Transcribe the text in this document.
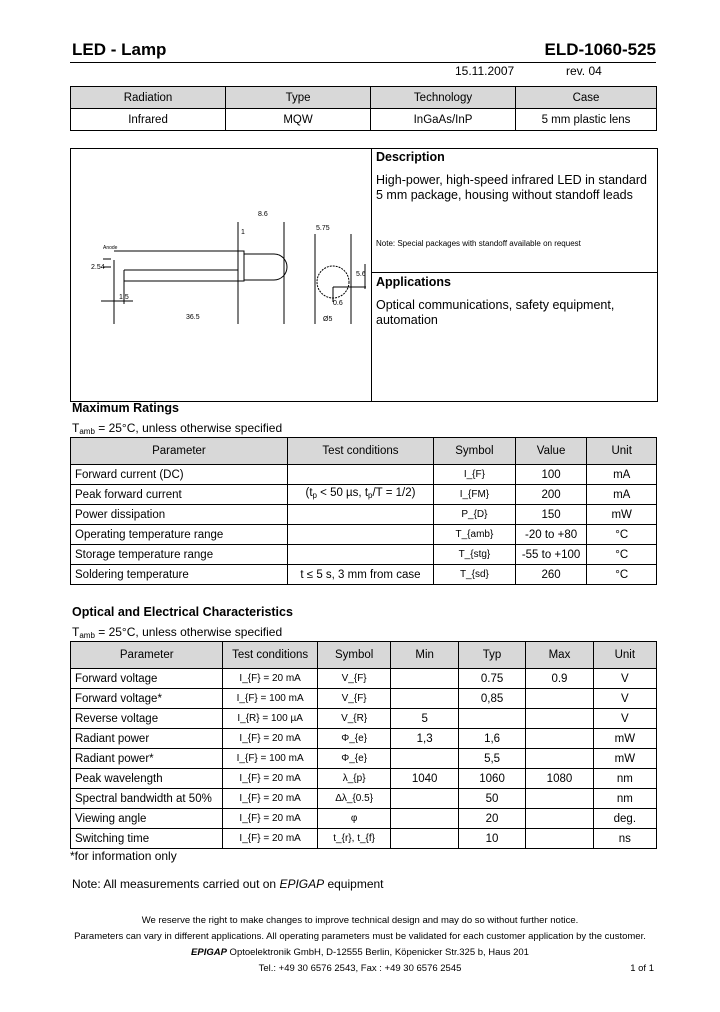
LED - Lamp	ELD-1060-525
15.11.2007	rev. 04
Radiation	Type	Technology	Case
Infrared	MQW	InGaAs/InP	5 mm plastic lens
8.6
1
Anode
2.54
1.5
36.5
5.75
0.6
Ø5
5.6
Description
High-power, high-speed infrared LED in standard 5 mm package, housing without standoff leads
Note: Special packages with standoff available on request
Applications
Optical communications, safety equipment, automation
Maximum Ratings
$T_{amb} = 25^\circ C$, unless otherwise specified
Parameter	Test conditions	Symbol	Value	Unit
Forward current (DC)		I_{F}	100	mA
Peak forward current	($t_p < 50$ µs, $t_p/T = 1/2$)	I_{FM}	200	mA
Power dissipation		P_{D}	150	mW
Operating temperature range		T_{amb}	-20 to +80	°C
Storage temperature range		T_{stg}	-55 to +100	°C
Soldering temperature	t ≤ 5 s, 3 mm from case	T_{sd}	260	°C
Optical and Electrical Characteristics
$T_{amb} = 25^\circ C$, unless otherwise specified
Parameter	Test conditions	Symbol	Min	Typ	Max	Unit
Forward voltage	I_{F} = 20 mA	V_{F}		0.75	0.9	V
Forward voltage*	I_{F} = 100 mA	V_{F}		0,85		V
Reverse voltage	I_{R} = 100 µA	V_{R}	5			V
Radiant power	I_{F} = 20 mA	Φ_{e}	1,3	1,6		mW
Radiant power*	I_{F} = 100 mA	Φ_{e}		5,5		mW
Peak wavelength	I_{F} = 20 mA	λ_{p}	1040	1060	1080	nm
Spectral bandwidth at 50%	I_{F} = 20 mA	Δλ_{0.5}		50		nm
Viewing angle	I_{F} = 20 mA	φ		20		deg.
Switching time	I_{F} = 20 mA	t_{r}, t_{f}		10		ns
*for information only
Note: All measurements carried out on EPIGAP equipment
We reserve the right to make changes to improve technical design and may do so without further notice.
Parameters can vary in different applications. All operating parameters must be validated for each customer application by the customer.
EPIGAP Optoelektronik GmbH, D-12555 Berlin, Köpenicker Str.325 b, Haus 201
Tel.: +49 30 6576 2543, Fax : +49 30 6576 2545	1 of 1
